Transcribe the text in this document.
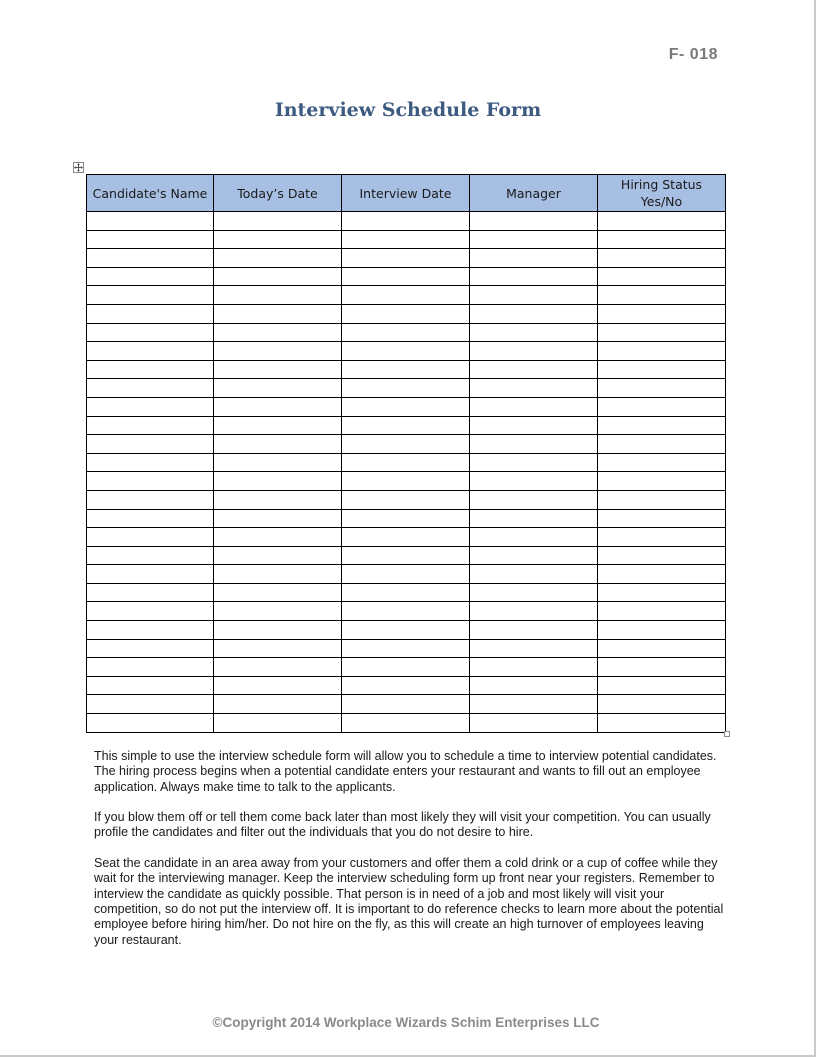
F- 018
Interview Schedule Form
Candidate's Name	Today’s Date	Interview Date	Manager	Hiring Status
Yes/No

This simple to use the interview schedule form will allow you to schedule a time to interview potential candidates. The hiring process begins when a potential candidate enters your restaurant and wants to fill out an employee application. Always make time to talk to the applicants.

If you blow them off or tell them come back later than most likely they will visit your competition. You can usually profile the candidates and filter out the individuals that you do not desire to hire.

Seat the candidate in an area away from your customers and offer them a cold drink or a cup of coffee while they wait for the interviewing manager. Keep the interview scheduling form up front near your registers. Remember to interview the candidate as quickly possible. That person is in need of a job and most likely will visit your competition, so do not put the interview off. It is important to do reference checks to learn more about the potential employee before hiring him/her. Do not hire on the fly, as this will create an high turnover of employees leaving your restaurant.

©Copyright 2014 Workplace Wizards Schim Enterprises LLC
